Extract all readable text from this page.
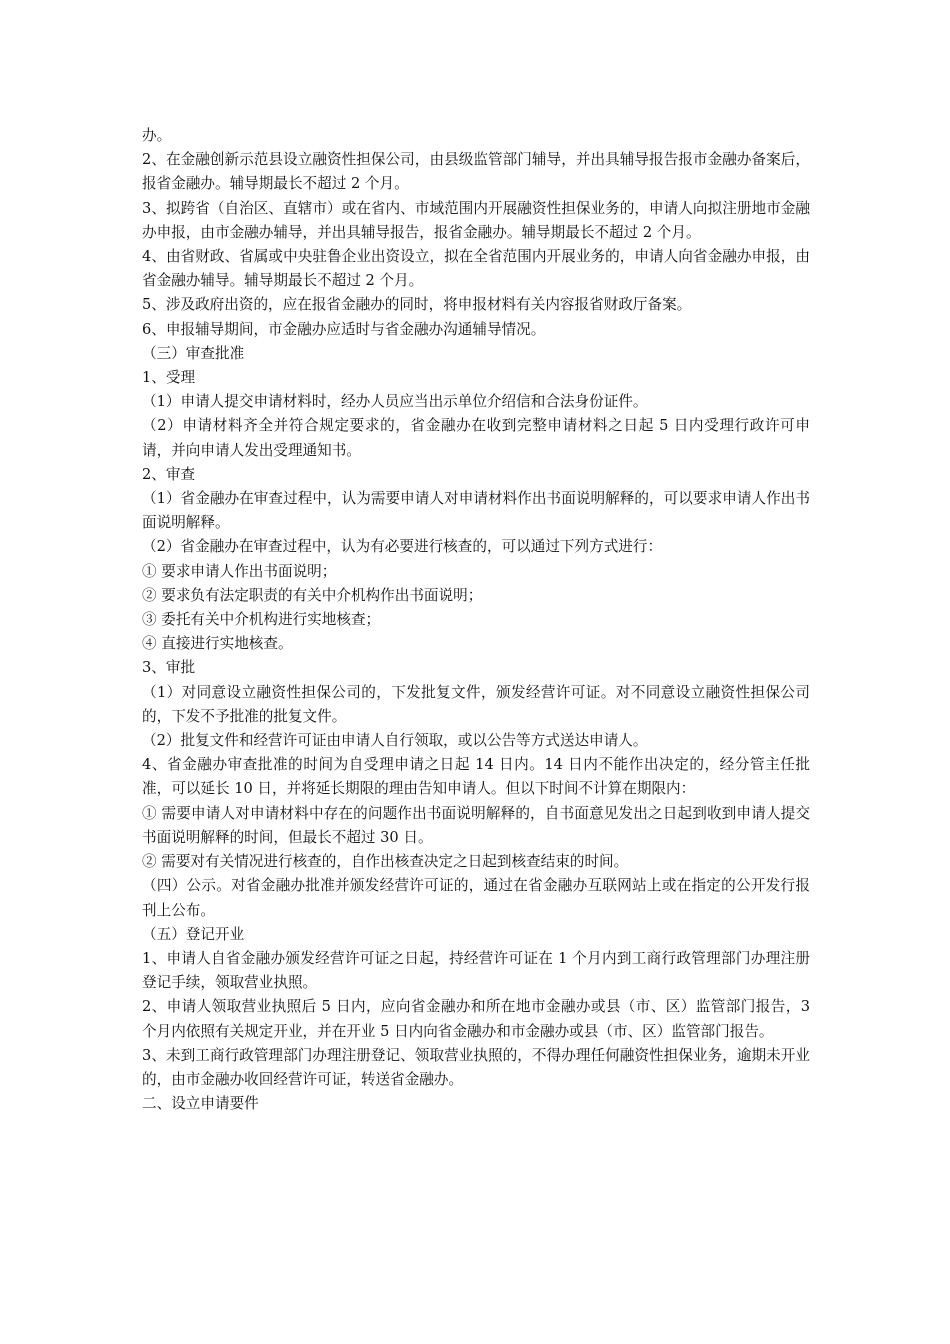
办。

2、在金融创新示范县设立融资性担保公司，由县级监管部门辅导，并出具辅导报告报市金融办备案后，报省金融办。辅导期最长不超过 2 个月。

3、拟跨省（自治区、直辖市）或在省内、市域范围内开展融资性担保业务的，申请人向拟注册地市金融办申报，由市金融办辅导，并出具辅导报告，报省金融办。辅导期最长不超过 2 个月。

4、由省财政、省属或中央驻鲁企业出资设立，拟在全省范围内开展业务的，申请人向省金融办申报，由省金融办辅导。辅导期最长不超过 2 个月。

5、涉及政府出资的，应在报省金融办的同时，将申报材料有关内容报省财政厅备案。

6、申报辅导期间，市金融办应适时与省金融办沟通辅导情况。

（三）审查批准

1、受理

（1）申请人提交申请材料时，经办人员应当出示单位介绍信和合法身份证件。

（2）申请材料齐全并符合规定要求的，省金融办在收到完整申请材料之日起 5 日内受理行政许可申请，并向申请人发出受理通知书。

2、审查

（1）省金融办在审查过程中，认为需要申请人对申请材料作出书面说明解释的，可以要求申请人作出书面说明解释。

（2）省金融办在审查过程中，认为有必要进行核查的，可以通过下列方式进行：

① 要求申请人作出书面说明；

② 要求负有法定职责的有关中介机构作出书面说明；

③ 委托有关中介机构进行实地核查；

④ 直接进行实地核查。

3、审批

（1）对同意设立融资性担保公司的，下发批复文件，颁发经营许可证。对不同意设立融资性担保公司的，下发不予批准的批复文件。

（2）批复文件和经营许可证由申请人自行领取，或以公告等方式送达申请人。

4、省金融办审查批准的时间为自受理申请之日起 14 日内。14 日内不能作出决定的，经分管主任批准，可以延长 10 日，并将延长期限的理由告知申请人。但以下时间不计算在期限内：

① 需要申请人对申请材料中存在的问题作出书面说明解释的，自书面意见发出之日起到收到申请人提交书面说明解释的时间，但最长不超过 30 日。

② 需要对有关情况进行核查的，自作出核查决定之日起到核查结束的时间。

（四）公示。对省金融办批准并颁发经营许可证的，通过在省金融办互联网站上或在指定的公开发行报刊上公布。

（五）登记开业

1、申请人自省金融办颁发经营许可证之日起，持经营许可证在 1 个月内到工商行政管理部门办理注册登记手续，领取营业执照。

2、申请人领取营业执照后 5 日内，应向省金融办和所在地市金融办或县（市、区）监管部门报告，3 个月内依照有关规定开业，并在开业 5 日内向省金融办和市金融办或县（市、区）监管部门报告。

3、未到工商行政管理部门办理注册登记、领取营业执照的，不得办理任何融资性担保业务，逾期未开业的，由市金融办收回经营许可证，转送省金融办。

二、设立申请要件
